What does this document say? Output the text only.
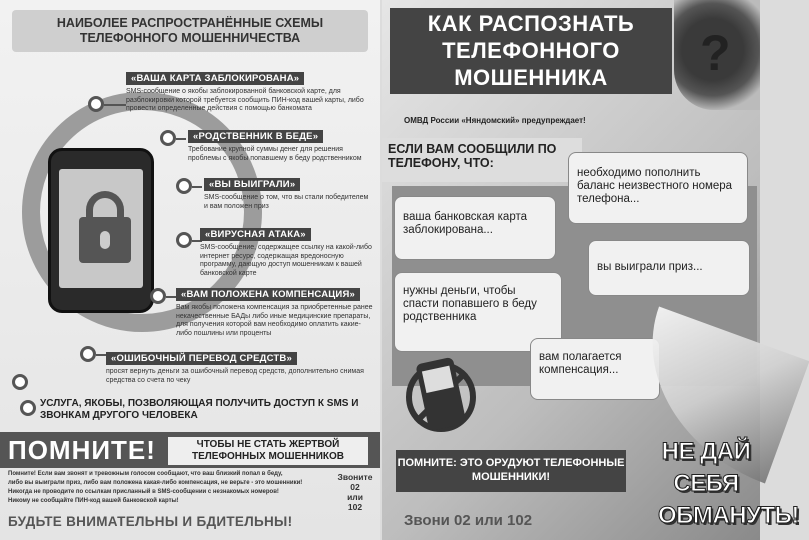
НАИБОЛЕЕ РАСПРОСТРАНЁННЫЕ СХЕМЫ ТЕЛЕФОННОГО МОШЕННИЧЕСТВА
«ВАША КАРТА ЗАБЛОКИРОВАНА»
SMS-сообщение о якобы заблокированной банковской карте, для разблокировки которой требуется сообщить ПИН-код вашей карты, либо провести определенные действия с помощью банкомата
«РОДСТВЕННИК В БЕДЕ»
Требование крупной суммы денег для решения проблемы с якобы попавшему в беду родственником
«ВЫ ВЫИГРАЛИ»
SMS-сообщение о том, что вы стали победителем и вам положен приз
«ВИРУСНАЯ АТАКА»
SMS-сообщение, содержащее ссылку на какой-либо интернет ресурс, содержащая вредоносную программу, дающую доступ мошенникам к вашей банковской карте
«ВАМ ПОЛОЖЕНА КОМПЕНСАЦИЯ»
Вам якобы положена компенсация за приобретенные ранее некачественные БАДы либо иные медицинские препараты, для получения которой вам необходимо оплатить какие-либо пошлины или проценты
«ОШИБОЧНЫЙ ПЕРЕВОД СРЕДСТВ»
просят вернуть деньги за ошибочный перевод средств, дополнительно снимая средства со счета по чеку
УСЛУГА, ЯКОБЫ, ПОЗВОЛЯЮЩАЯ ПОЛУЧИТЬ ДОСТУП К SMS И ЗВОНКАМ ДРУГОГО ЧЕЛОВЕКА
ПОМНИТЕ!	ЧТОБЫ НЕ СТАТЬ ЖЕРТВОЙ ТЕЛЕФОННЫХ МОШЕННИКОВ
Помните! Если вам звонят и тревожным голосом сообщают, что ваш близкий попал в беду,
либо вы выиграли приз, либо вам положена какая-либо компенсация, не верьте - это мошенники!
Никогда не проводите по ссылкам присланный в SMS-сообщении с незнакомых номеров!
Никому не сообщайте ПИН-код вашей банковской карты!
Звоните
02
или
102
БУДЬТЕ ВНИМАТЕЛЬНЫ И БДИТЕЛЬНЫ!
КАК РАСПОЗНАТЬ
ТЕЛЕФОННОГО
МОШЕННИКА	?
ОМВД России «Няндомский» предупреждает!
ЕСЛИ ВАМ СООБЩИЛИ ПО ТЕЛЕФОНУ, ЧТО:
необходимо пополнить баланс неизвестного номера телефона...
ваша банковская карта заблокирована...
вы выиграли приз...
нужны деньги, чтобы спасти попавшего в беду родственника
вам полагается компенсация...
ПОМНИТЕ: ЭТО ОРУДУЮТ ТЕЛЕФОННЫЕ МОШЕННИКИ!
Звони 02 или 102
НЕ ДАЙ
СЕБЯ
ОБМАНУТЬ!
